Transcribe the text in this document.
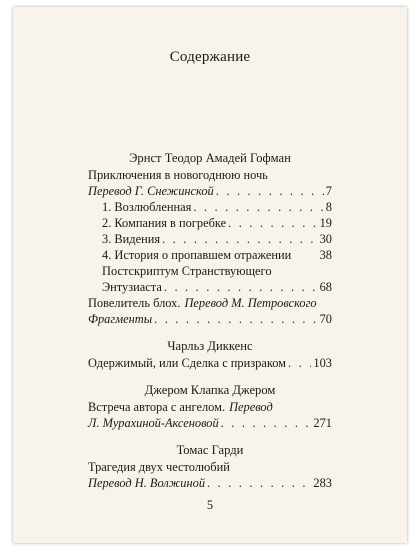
Содержание
Эрнст Теодор Амадей Гофман
Приключения в новогоднюю ночь
Перевод Г. Снежинской . . .	7
1. Возлюбленная . . .	8
2. Компания в погребке . . .	19
3. Видения . . .	30
4. История о пропавшем отражении 38
Постскриптум Странствующего
Энтузиаста . . .	68
Повелитель блох. Перевод М. Петровского
Фрагменты . . .	70
Чарльз Диккенс
Одержимый, или Сделка с призраком . . . 103
Джером Клапка Джером
Встреча автора с ангелом. Перевод
Л. Мурахиной-Аксеновой . . .	271
Томас Гарди
Трагедия двух честолюбий
Перевод Н. Волжиной . . .	283
5
